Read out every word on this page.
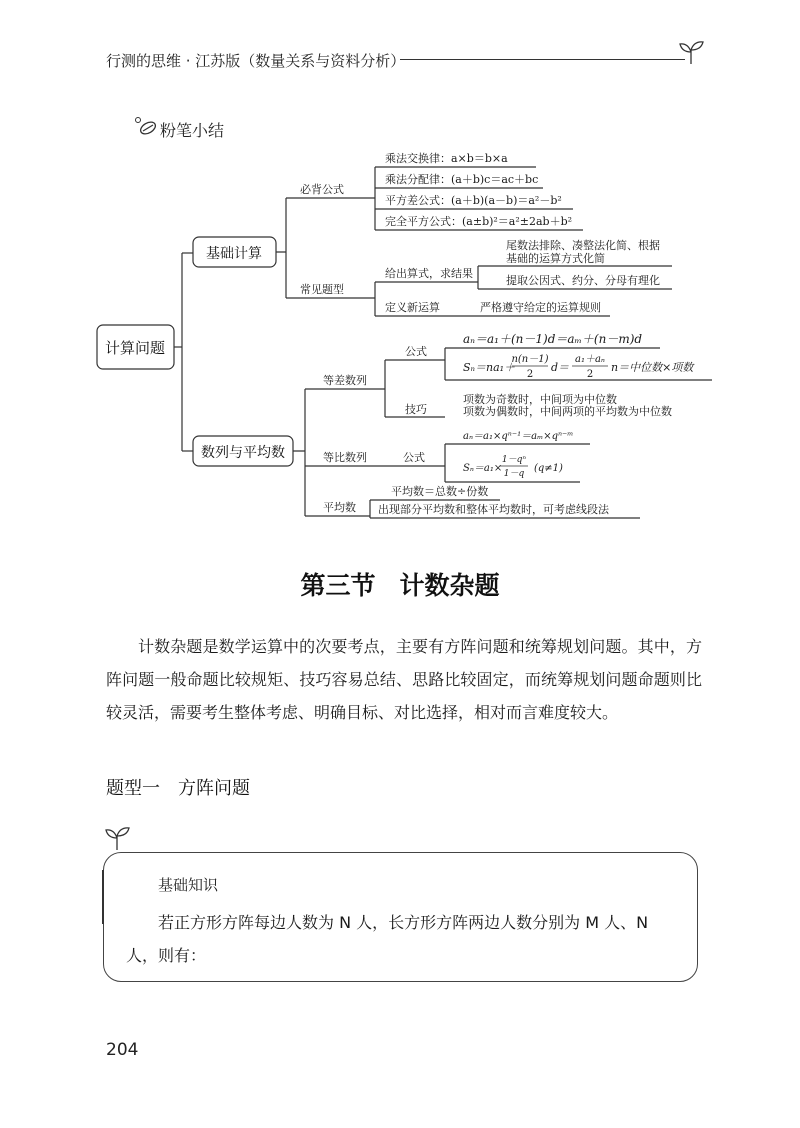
行测的思维 · 江苏版（数量关系与资料分析）
粉笔小结
计算问题
基础计算
数列与平均数
必背公式
乘法交换律：a×b＝b×a
乘法分配律：(a＋b)c＝ac＋bc
平方差公式：(a＋b)(a－b)＝a²－b²
完全平方公式：(a±b)²＝a²±2ab＋b²
常见题型
给出算式，求结果
尾数法排除、凑整法化简、根据
基础的运算方式化简
提取公因式、约分、分母有理化
定义新运算	严格遵守给定的运算规则
等差数列
公式
aₙ＝a₁＋(n－1)d＝aₘ＋(n－m)d
Sₙ＝na₁＋
n(n－1)
2
d＝
a₁＋aₙ
2
n＝中位数×项数
技巧
项数为奇数时，中间项为中位数
项数为偶数时，中间两项的平均数为中位数
等比数列	公式
aₙ＝a₁×qⁿ⁻¹＝aₘ×qⁿ⁻ᵐ
Sₙ＝a₁×
1－qⁿ
1－q (q≠1)
平均数
平均数＝总数÷份数
出现部分平均数和整体平均数时，可考虑线段法
第三节 计数杂题
计数杂题是数学运算中的次要考点，主要有方阵问题和统筹规划问题。其中，方阵问题一般命题比较规矩、技巧容易总结、思路比较固定，而统筹规划问题命题则比较灵活，需要考生整体考虑、明确目标、对比选择，相对而言难度较大。
题型一 方阵问题
基础知识
若正方形方阵每边人数为 N 人，长方形方阵两边人数分别为 M 人、N 人，则有：
204
